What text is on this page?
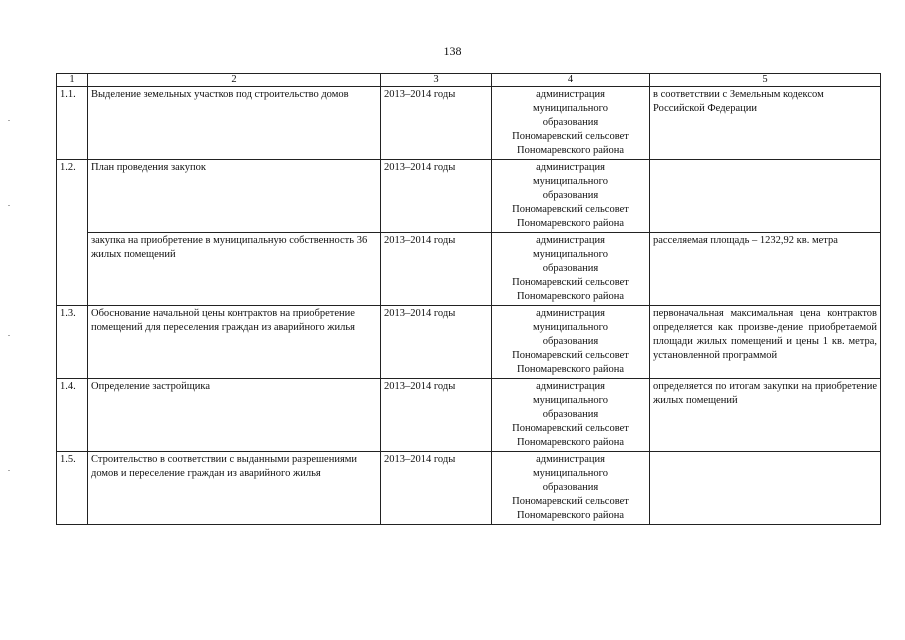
138
1	2	3	4	5
1.1.	Выделение земельных участков под строительство домов	2013–2014 годы	администрация
муниципального
образования
Пономаревский сельсовет
Пономаревского района	в соответствии с Земельным кодексом Российской Федерации
1.2.	План проведения закупок	2013–2014 годы	администрация
муниципального
образования
Пономаревский сельсовет
Пономаревского района	
	закупка на приобретение в муниципальную собственность 36 жилых помещений	2013–2014 годы	администрация
муниципального
образования
Пономаревский сельсовет
Пономаревского района	расселяемая площадь – 1232,92 кв. метра
1.3.	Обоснование начальной цены контрактов на приобретение помещений для переселения граждан из аварийного жилья	2013–2014 годы	администрация
муниципального
образования
Пономаревский сельсовет
Пономаревского района	первоначальная максимальная цена контрактов определяется как произве-дение приобретаемой площади жилых помещений и цены 1 кв. метра, установленной программой
1.4.	Определение застройщика	2013–2014 годы	администрация
муниципального
образования
Пономаревский сельсовет
Пономаревского района	определяется по итогам закупки на приобретение жилых помещений
1.5.	Строительство в соответствии с выданными разрешениями домов и переселение граждан из аварийного жилья	2013–2014 годы	администрация
муниципального
образования
Пономаревский сельсовет
Пономаревского района	
